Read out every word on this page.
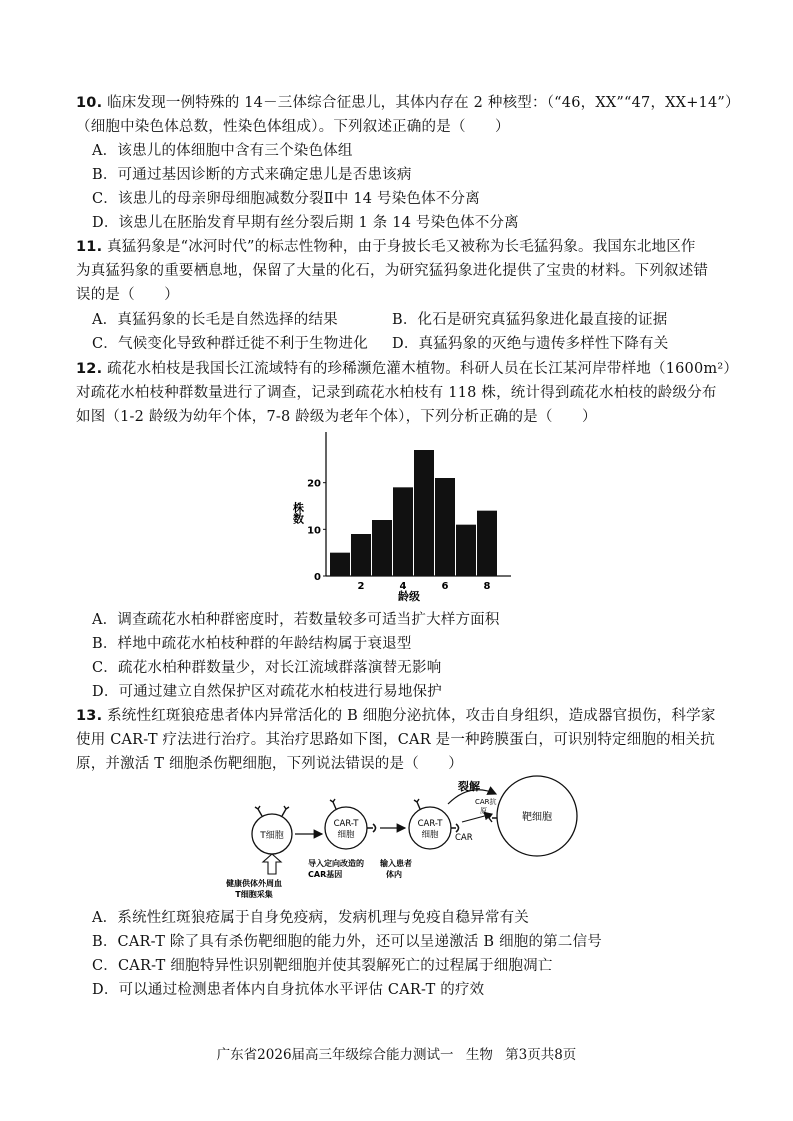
10. 临床发现一例特殊的 14－三体综合征患儿，其体内存在 2 种核型：（“46，XX”“47，XX+14”）
（细胞中染色体总数，性染色体组成）。下列叙述正确的是（　　）
A．该患儿的体细胞中含有三个染色体组
B．可通过基因诊断的方式来确定患儿是否患该病
C．该患儿的母亲卵母细胞减数分裂Ⅱ中 14 号染色体不分离
D．该患儿在胚胎发育早期有丝分裂后期 1 条 14 号染色体不分离
11. 真猛犸象是“冰河时代”的标志性物种，由于身披长毛又被称为长毛猛犸象。我国东北地区作
为真猛犸象的重要栖息地，保留了大量的化石，为研究猛犸象进化提供了宝贵的材料。下列叙述错
误的是（　　）
A．真猛犸象的长毛是自然选择的结果	B．化石是研究真猛犸象进化最直接的证据
C．气候变化导致种群迁徙不利于生物进化 D．真猛犸象的灭绝与遗传多样性下降有关
12. 疏花水柏枝是我国长江流域特有的珍稀濒危灌木植物。科研人员在长江某河岸带样地（1600m²）
对疏花水柏枝种群数量进行了调查，记录到疏花水柏枝有 118 株，统计得到疏花水柏枝的龄级分布
如图（1-2 龄级为幼年个体，7-8 龄级为老年个体），下列分析正确的是（　　）
0
10
20
2	4	6	8
株数
龄级
A．调查疏花水柏种群密度时，若数量较多可适当扩大样方面积
B．样地中疏花水柏枝种群的年龄结构属于衰退型
C．疏花水柏种群数量少，对长江流域群落演替无影响
D．可通过建立自然保护区对疏花水柏枝进行易地保护
13. 系统性红斑狼疮患者体内异常活化的 B 细胞分泌抗体，攻击自身组织，造成器官损伤，科学家
使用 CAR-T 疗法进行治疗。其治疗思路如下图，CAR 是一种跨膜蛋白，可识别特定细胞的相关抗
原，并激活 T 细胞杀伤靶细胞，下列说法错误的是（　　）
T细胞
CAR-T
细胞
CAR-T
细胞
裂解
CAR抗
原
CAR
靶细胞
导入定向改造的
CAR基因
输入患者
体内
健康供体外周血
T细胞采集
A．系统性红斑狼疮属于自身免疫病，发病机理与免疫自稳异常有关
B．CAR-T 除了具有杀伤靶细胞的能力外，还可以呈递激活 B 细胞的第二信号
C．CAR-T 细胞特异性识别靶细胞并使其裂解死亡的过程属于细胞凋亡
D．可以通过检测患者体内自身抗体水平评估 CAR-T 的疗效
广东省2026届高三年级综合能力测试一 生物 第3页共8页
